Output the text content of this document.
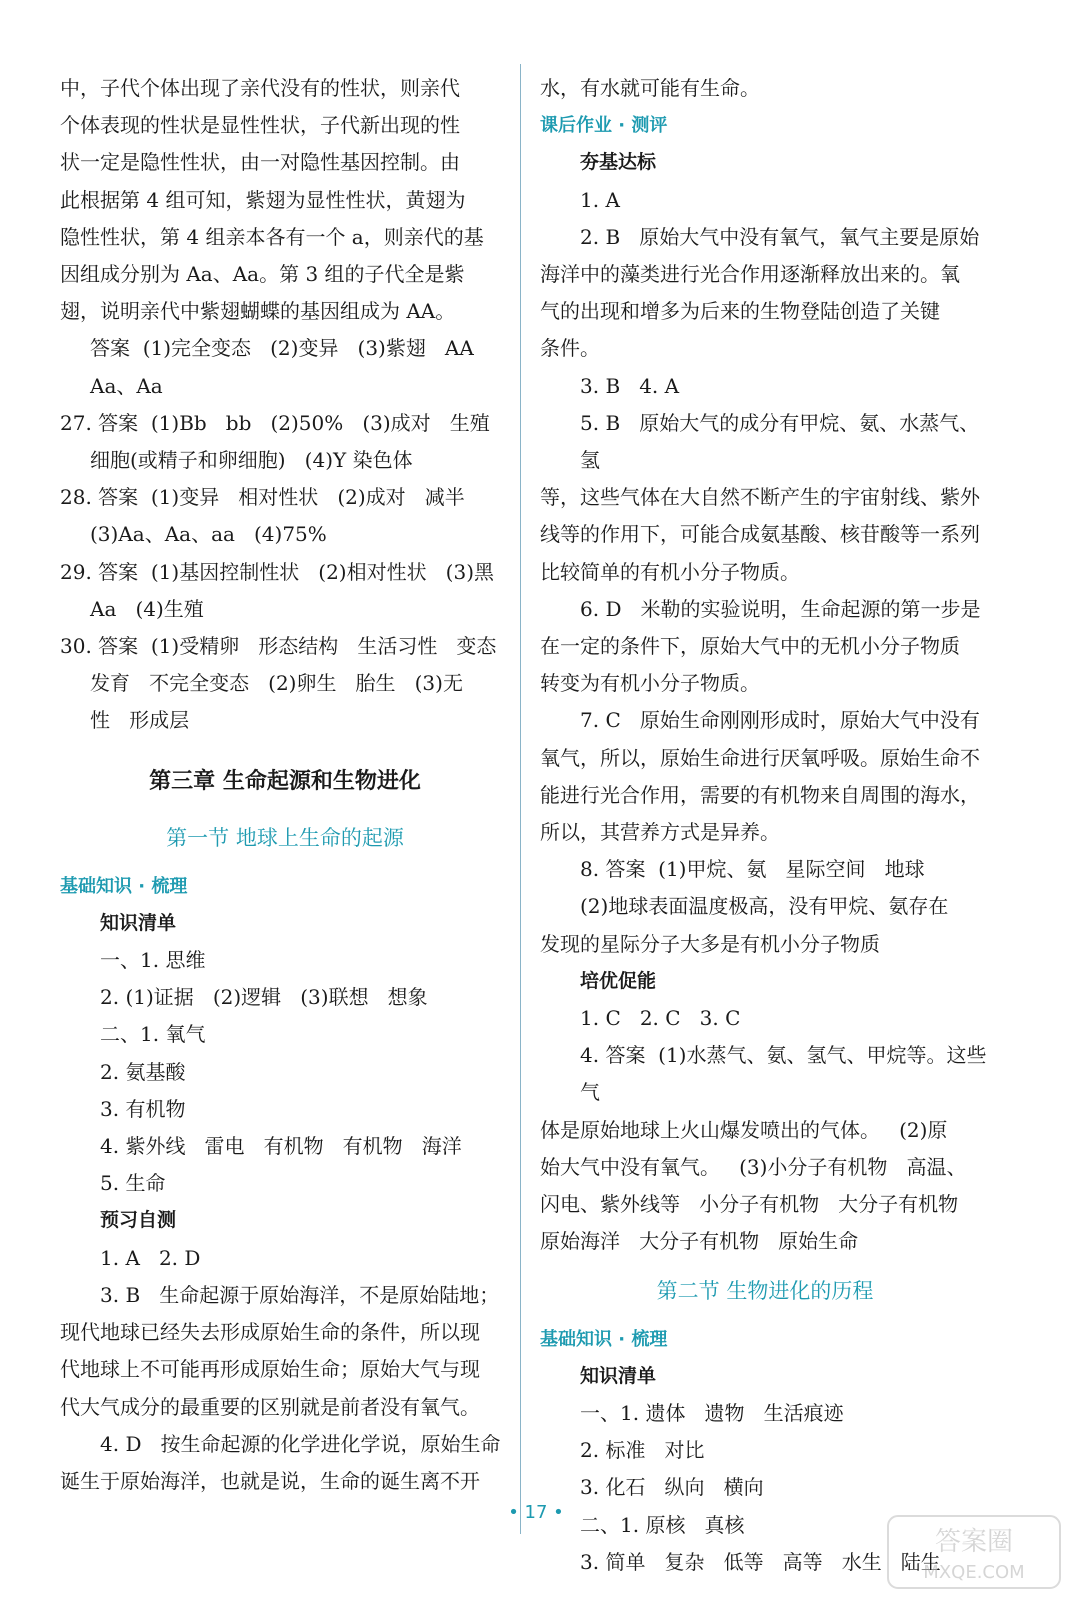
中，子代个体出现了亲代没有的性状，则亲代

个体表现的性状是显性性状，子代新出现的性

状一定是隐性性状，由一对隐性基因控制。由

此根据第 4 组可知，紫翅为显性性状，黄翅为

隐性性状，第 4 组亲本各有一个 a，则亲代的基

因组成分别为 Aa、Aa。第 3 组的子代全是紫

翅，说明亲代中紫翅蝴蝶的基因组成为 AA。

答案  (1)完全变态   (2)变异   (3)紫翅   AA

Aa、Aa

27. 答案  (1)Bb   bb   (2)50%   (3)成对   生殖

细胞(或精子和卵细胞)   (4)Y 染色体

28. 答案  (1)变异   相对性状   (2)成对   减半

(3)Aa、Aa、aa   (4)75%

29. 答案  (1)基因控制性状   (2)相对性状   (3)黑

Aa   (4)生殖

30. 答案  (1)受精卵   形态结构   生活习性   变态

发育   不完全变态   (2)卵生   胎生   (3)无

性   形成层

第三章 生命起源和生物进化
第一节 地球上生命的起源
基础知识 · 梳理
知识清单

一、1. 思维

2. (1)证据   (2)逻辑   (3)联想   想象

二、1. 氧气

2. 氨基酸

3. 有机物

4. 紫外线   雷电   有机物   有机物   海洋

5. 生命

预习自测

1. A   2. D

3. B   生命起源于原始海洋，不是原始陆地；

现代地球已经失去形成原始生命的条件，所以现

代地球上不可能再形成原始生命；原始大气与现

代大气成分的最重要的区别就是前者没有氧气。

4. D   按生命起源的化学进化学说，原始生命

诞生于原始海洋，也就是说，生命的诞生离不开

水，有水就可能有生命。

课后作业 · 测评
夯基达标

1. A

2. B   原始大气中没有氧气，氧气主要是原始

海洋中的藻类进行光合作用逐渐释放出来的。氧

气的出现和增多为后来的生物登陆创造了关键

条件。

3. B   4. A

5. B   原始大气的成分有甲烷、氨、水蒸气、氢

等，这些气体在大自然不断产生的宇宙射线、紫外

线等的作用下，可能合成氨基酸、核苷酸等一系列

比较简单的有机小分子物质。

6. D   米勒的实验说明，生命起源的第一步是

在一定的条件下，原始大气中的无机小分子物质

转变为有机小分子物质。

7. C   原始生命刚刚形成时，原始大气中没有

氧气，所以，原始生命进行厌氧呼吸。原始生命不

能进行光合作用，需要的有机物来自周围的海水，

所以，其营养方式是异养。

8. 答案  (1)甲烷、氨   星际空间   地球

(2)地球表面温度极高，没有甲烷、氨存在

发现的星际分子大多是有机小分子物质

培优促能

1. C   2. C   3. C

4. 答案  (1)水蒸气、氨、氢气、甲烷等。这些气

体是原始地球上火山爆发喷出的气体。   (2)原

始大气中没有氧气。   (3)小分子有机物   高温、

闪电、紫外线等   小分子有机物   大分子有机物

原始海洋   大分子有机物   原始生命

第二节 生物进化的历程
基础知识 · 梳理
知识清单

一、1. 遗体   遗物   生活痕迹

2. 标准   对比

3. 化石   纵向   横向

二、1. 原核   真核

3. 简单   复杂   低等   高等   水生   陆生

• 17 •
答案圈
MXQE.COM
